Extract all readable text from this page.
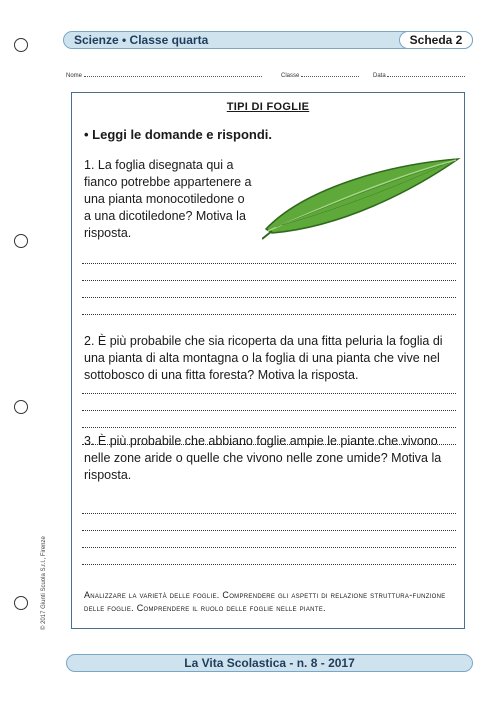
Scienze • Classe quarta	Scheda 2
Nome	Classe	Data
TIPI DI FOGLIE
• Leggi le domande e rispondi.
1. La foglia disegnata qui a fianco potrebbe appartenere a una pianta monocotiledone o a una dicotiledone? Motiva la risposta.
2. È più probabile che sia ricoperta da una fitta peluria la foglia di una pianta di alta montagna o la foglia di una pianta che vive nel sottobosco di una fitta foresta? Motiva la risposta.
3. È più probabile che abbiano foglie ampie le piante che vivono nelle zone aride o quelle che vivono nelle zone umide? Motiva la risposta.
Analizzare la varietà delle foglie. Comprendere gli aspetti di relazione struttura-funzione delle foglie. Comprendere il ruolo delle foglie nelle piante.
© 2017 Giunti Scuola S.r.l., Firenze
La Vita Scolastica - n. 8 - 2017
